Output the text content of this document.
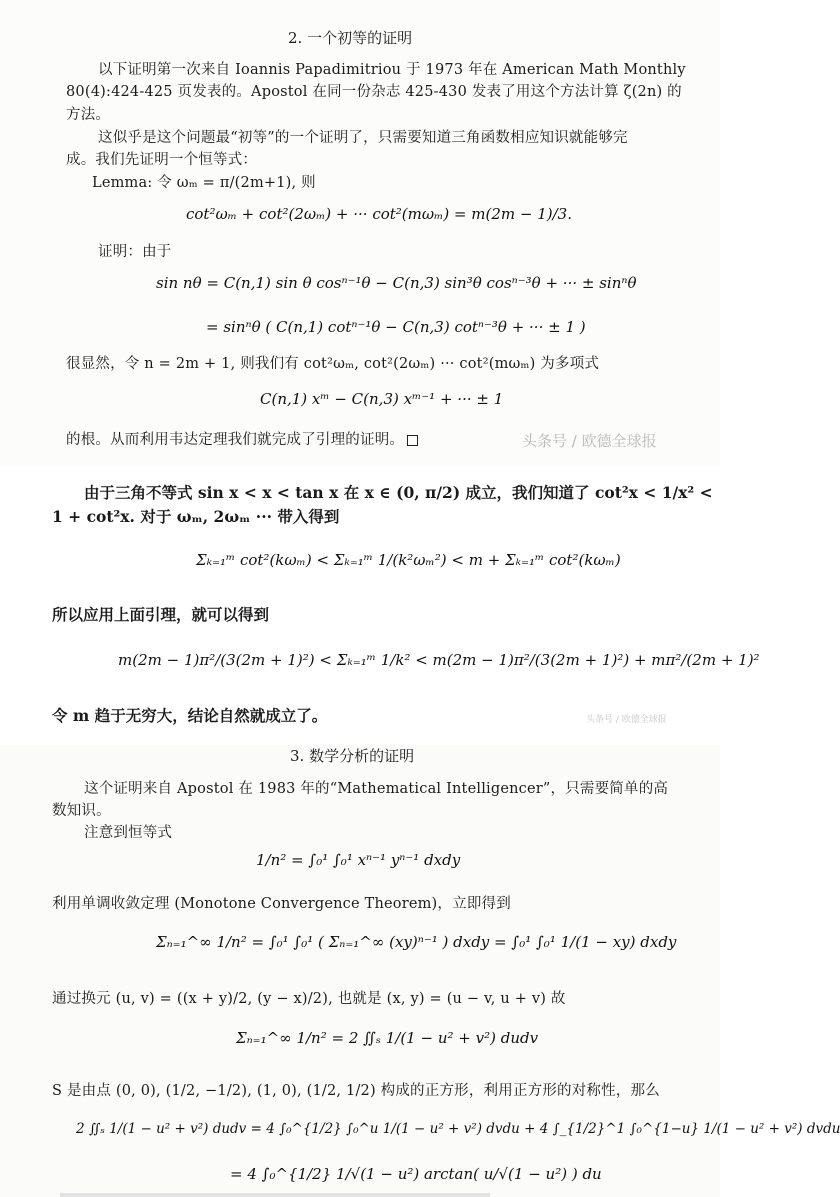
2. 一个初等的证明
以下证明第一次来自 Ioannis Papadimitriou 于 1973 年在 American Math Monthly
80(4):424-425 页发表的。Apostol 在同一份杂志 425-430 发表了用这个方法计算 ζ(2n) 的
方法。
这似乎是这个问题最“初等”的一个证明了，只需要知道三角函数相应知识就能够完
成。我们先证明一个恒等式：
Lemma: 令 ωₘ = π/(2m+1), 则
cot²ωₘ + cot²(2ωₘ) + ··· cot²(mωₘ) = m(2m − 1)/3.
证明：由于
sin nθ = C(n,1) sin θ cosⁿ⁻¹θ − C(n,3) sin³θ cosⁿ⁻³θ + ··· ± sinⁿθ
= sinⁿθ ( C(n,1) cotⁿ⁻¹θ − C(n,3) cotⁿ⁻³θ + ··· ± 1 )
很显然，令 n = 2m + 1, 则我们有 cot²ωₘ, cot²(2ωₘ) ··· cot²(mωₘ) 为多项式
C(n,1) xᵐ − C(n,3) xᵐ⁻¹ + ··· ± 1
的根。从而利用韦达定理我们就完成了引理的证明。	头条号 / 欧德全球报
由于三角不等式 sin x < x < tan x 在 x ∈ (0, π/2) 成立，我们知道了 cot²x < 1/x² <
1 + cot²x. 对于 ωₘ, 2ωₘ ··· 带入得到
Σₖ₌₁ᵐ cot²(kωₘ) < Σₖ₌₁ᵐ 1/(k²ωₘ²) < m + Σₖ₌₁ᵐ cot²(kωₘ)
所以应用上面引理，就可以得到
m(2m − 1)π²/(3(2m + 1)²) < Σₖ₌₁ᵐ 1/k² < m(2m − 1)π²/(3(2m + 1)²) + mπ²/(2m + 1)²
令 m 趋于无穷大，结论自然就成立了。	头条号 / 欧德全球报
3. 数学分析的证明
这个证明来自 Apostol 在 1983 年的“Mathematical Intelligencer”，只需要简单的高
数知识。
注意到恒等式
1/n² = ∫₀¹ ∫₀¹ xⁿ⁻¹ yⁿ⁻¹ dxdy
利用单调收敛定理 (Monotone Convergence Theorem)，立即得到
Σₙ₌₁^∞ 1/n² = ∫₀¹ ∫₀¹ ( Σₙ₌₁^∞ (xy)ⁿ⁻¹ ) dxdy = ∫₀¹ ∫₀¹ 1/(1 − xy) dxdy
通过换元 (u, v) = ((x + y)/2, (y − x)/2), 也就是 (x, y) = (u − v, u + v) 故
Σₙ₌₁^∞ 1/n² = 2 ∬ₛ 1/(1 − u² + v²) dudv
S 是由点 (0, 0), (1/2, −1/2), (1, 0), (1/2, 1/2) 构成的正方形，利用正方形的对称性，那么
2 ∬ₛ 1/(1 − u² + v²) dudv = 4 ∫₀^{1/2} ∫₀^u 1/(1 − u² + v²) dvdu + 4 ∫_{1/2}^1 ∫₀^{1−u} 1/(1 − u² + v²) dvdu
= 4 ∫₀^{1/2} 1/√(1 − u²) arctan( u/√(1 − u²) ) du
